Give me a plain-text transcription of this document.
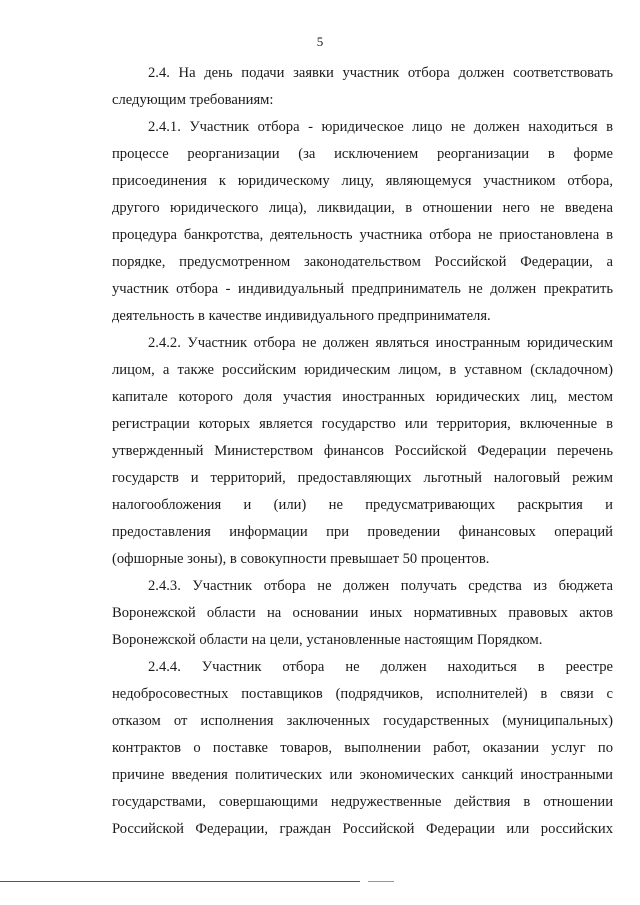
5
2.4. На день подачи заявки участник отбора должен соответствовать
следующим требованиям:
2.4.1. Участник отбора - юридическое лицо не должен находиться в
процессе реорганизации (за исключением реорганизации в форме
присоединения к юридическому лицу, являющемуся участником отбора,
другого юридического лица), ликвидации, в отношении него не введена
процедура банкротства, деятельность участника отбора не приостановлена в
порядке, предусмотренном законодательством Российской Федерации, а
участник отбора - индивидуальный предприниматель не должен прекратить
деятельность в качестве индивидуального предпринимателя.
2.4.2. Участник отбора не должен являться иностранным юридическим
лицом, а также российским юридическим лицом, в уставном (складочном)
капитале которого доля участия иностранных юридических лиц, местом
регистрации которых является государство или территория, включенные в
утвержденный Министерством финансов Российской Федерации перечень
государств и территорий, предоставляющих льготный налоговый режим
налогообложения и (или) не предусматривающих раскрытия и
предоставления информации при проведении финансовых операций
(офшорные зоны), в совокупности превышает 50 процентов.
2.4.3. Участник отбора не должен получать средства из бюджета
Воронежской области на основании иных нормативных правовых актов
Воронежской области на цели, установленные настоящим Порядком.
2.4.4. Участник отбора не должен находиться в реестре
недобросовестных поставщиков (подрядчиков, исполнителей) в связи с
отказом от исполнения заключенных государственных (муниципальных)
контрактов о поставке товаров, выполнении работ, оказании услуг по
причине введения политических или экономических санкций иностранными
государствами, совершающими недружественные действия в отношении
Российской Федерации, граждан Российской Федерации или российских
